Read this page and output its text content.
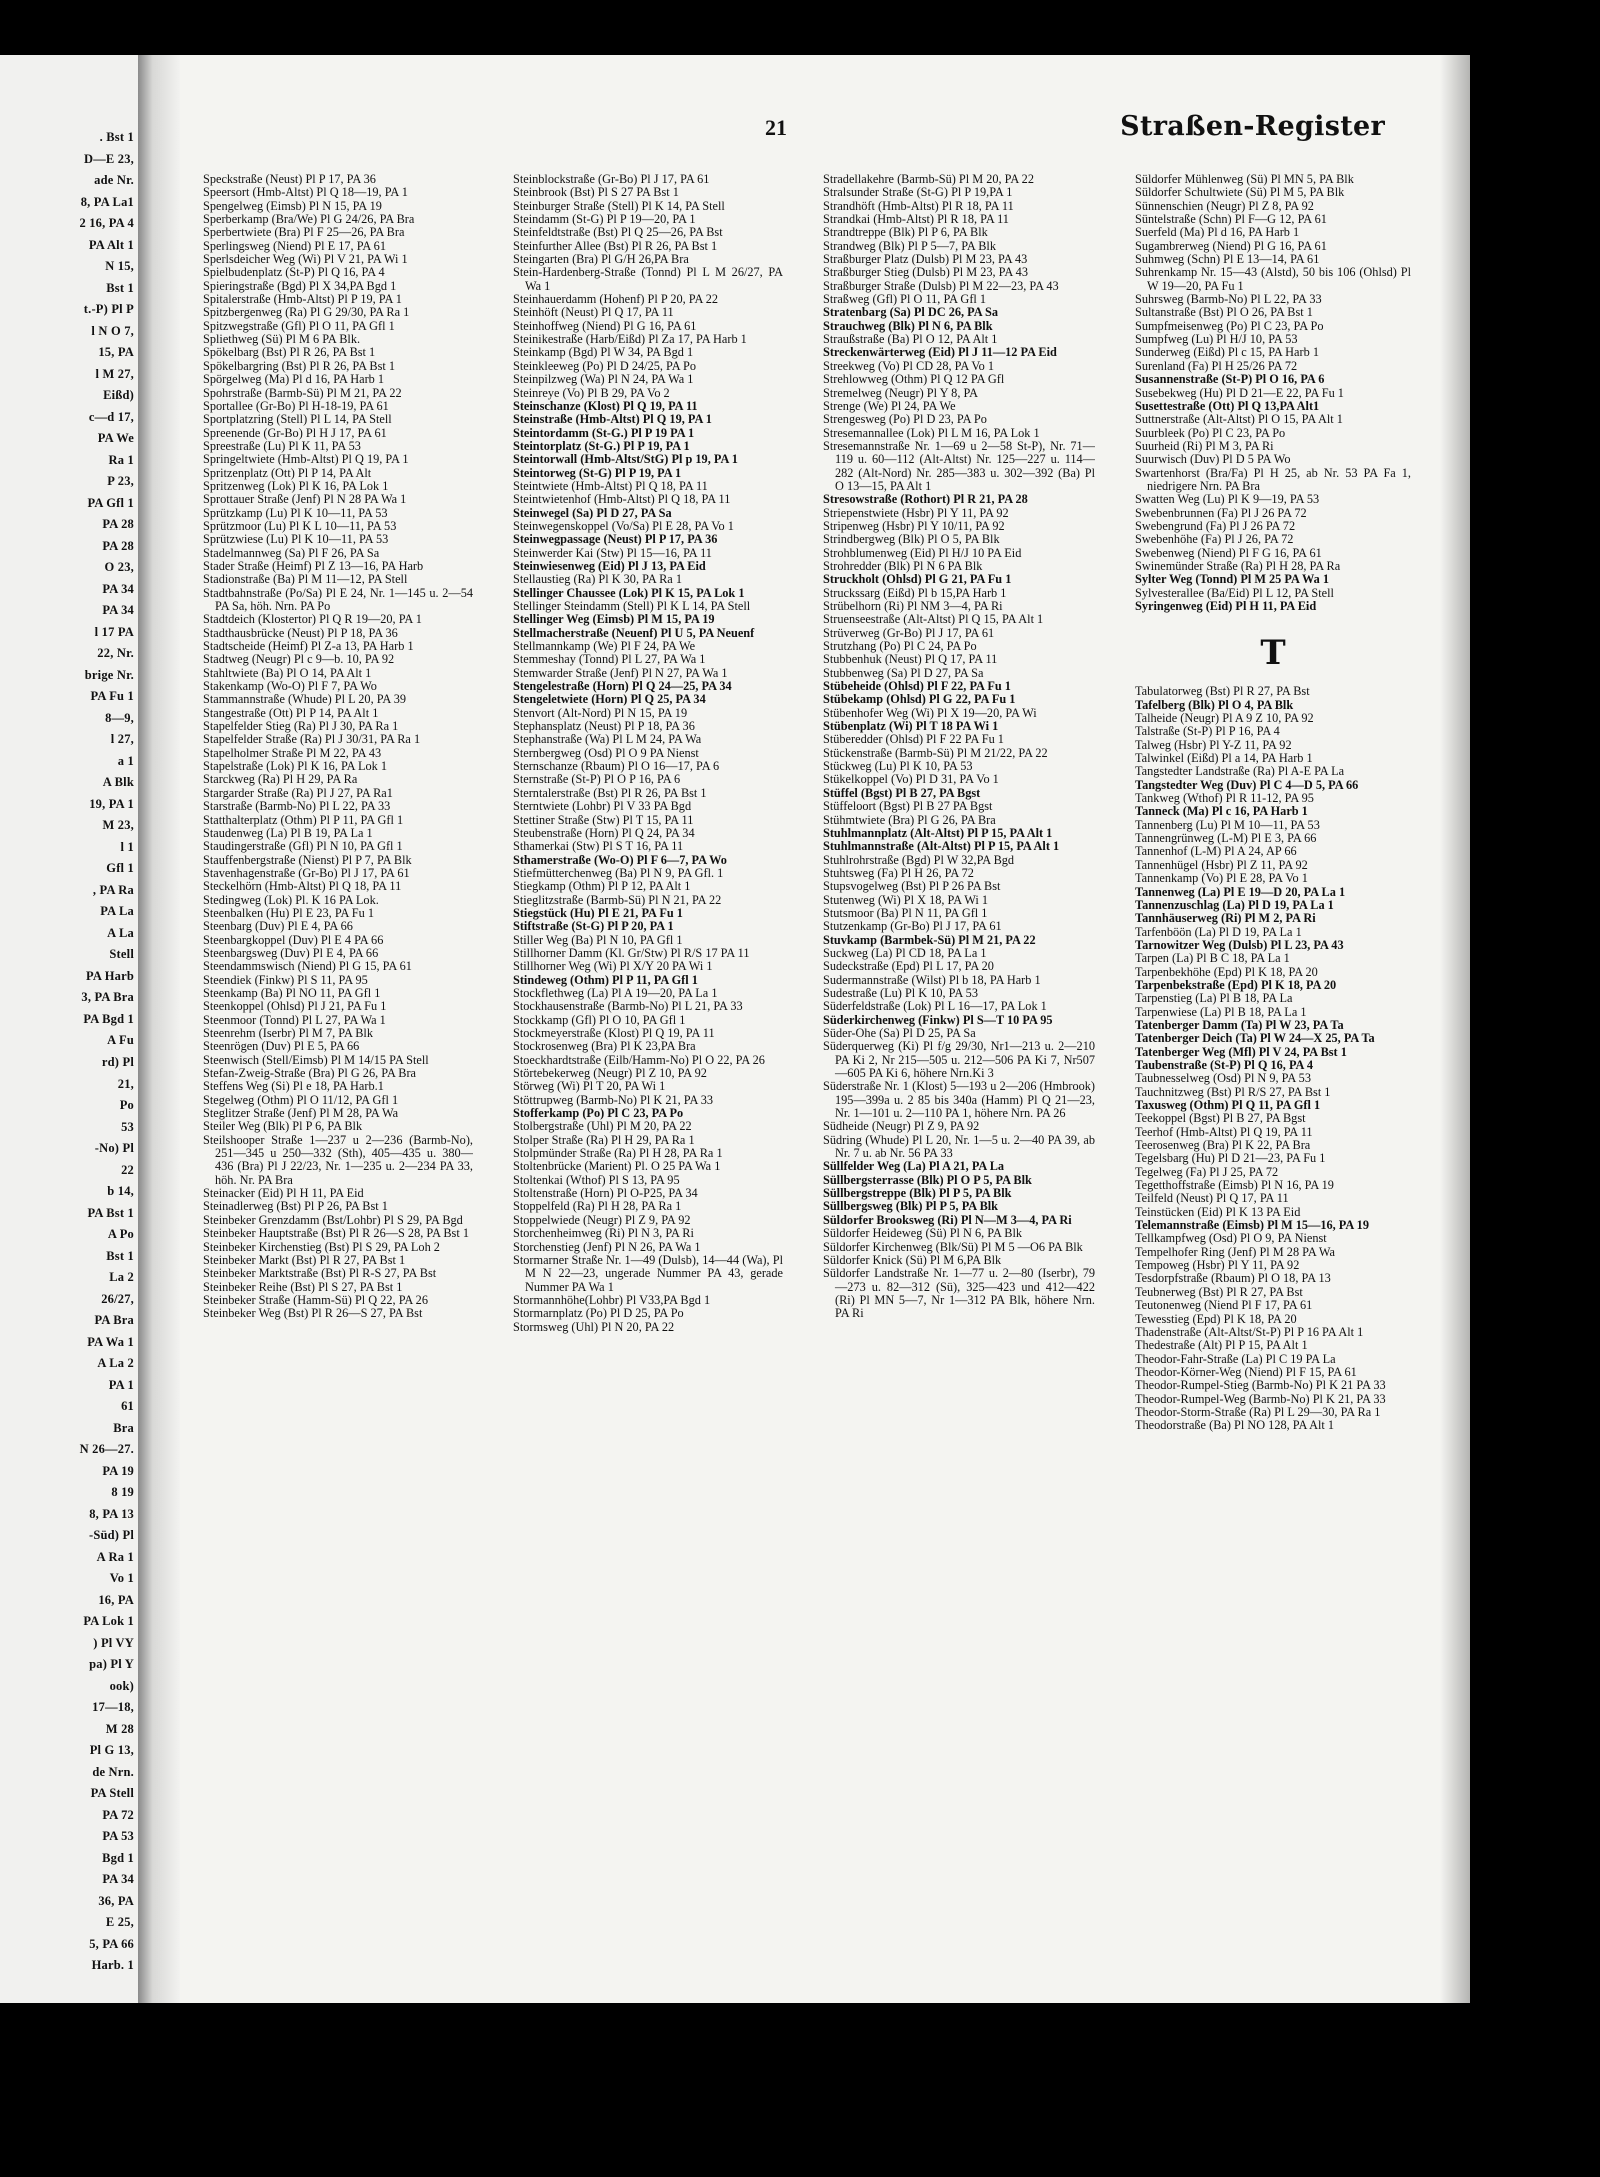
. Bst 1
D—E 23,
ade Nr.
8, PA La1
2 16, PA 4
PA Alt 1
N 15,
Bst 1
t.-P) Pl P
l N O 7,
15, PA
l M 27,
Eißd)
c—d 17,
PA We
Ra 1
P 23,
PA Gfl 1
PA 28
PA 28
O 23,
PA 34
PA 34
l 17 PA
22, Nr.
brige Nr.
PA Fu 1
8—9,
l 27,
a 1
A Blk
19, PA 1
M 23,
l 1
Gfl 1
, PA Ra
PA La
A La
Stell
PA Harb
3, PA Bra
PA Bgd 1
A Fu
rd) Pl
21,
Po
53
-No) Pl
22
b 14,
PA Bst 1
A Po
Bst 1
La 2
26/27,
PA Bra
PA Wa 1
A La 2
PA 1
61
Bra
N 26—27.
PA 19
8 19
8, PA 13
-Süd) Pl
A Ra 1
Vo 1
16, PA
PA Lok 1
) Pl VY
pa) Pl Y
ook)
17—18,
M 28
Pl G 13,
de Nrn.
PA Stell
PA 72
PA 53
Bgd 1
PA 34
36, PA
E 25,
5, PA 66
Harb. 1
21	Straßen-Register
Speckstraße (Neust) Pl P 17, PA 36
Speersort (Hmb-Altst) Pl Q 18—19, PA 1
Spengelweg (Eimsb) Pl N 15, PA 19
Sperberkamp (Bra/We) Pl G 24/26, PA Bra
Sperbertwiete (Bra) Pl F 25—26, PA Bra
Sperlingsweg (Niend) Pl E 17, PA 61
Sperlsdeicher Weg (Wi) Pl V 21, PA Wi 1
Spielbudenplatz (St-P) Pl Q 16, PA 4
Spieringstraße (Bgd) Pl X 34,PA Bgd 1
Spitalerstraße (Hmb-Altst) Pl P 19, PA 1
Spitzbergenweg (Ra) Pl G 29/30, PA Ra 1
Spitzwegstraße (Gfl) Pl O 11, PA Gfl 1
Spliethweg (Sü) Pl M 6 PA Blk.
Spökelbarg (Bst) Pl R 26, PA Bst 1
Spökelbargring (Bst) Pl R 26, PA Bst 1
Spörgelweg (Ma) Pl d 16, PA Harb 1
Spohrstraße (Barmb-Sü) Pl M 21, PA 22
Sportallee (Gr-Bo) Pl H-18-19, PA 61
Sportplatzring (Stell) Pl L 14, PA Stell
Spreenende (Gr-Bo) Pl H J 17, PA 61
Spreestraße (Lu) Pl K 11, PA 53
Springeltwiete (Hmb-Altst) Pl Q 19, PA 1
Spritzenplatz (Ott) Pl P 14, PA Alt
Spritzenweg (Lok) Pl K 16, PA Lok 1
Sprottauer Straße (Jenf) Pl N 28 PA Wa 1
Sprützkamp (Lu) Pl K 10—11, PA 53
Sprützmoor (Lu) Pl K L 10—11, PA 53
Sprützwiese (Lu) Pl K 10—11, PA 53
Stadelmannweg (Sa) Pl F 26, PA Sa
Stader Straße (Heimf) Pl Z 13—16, PA Harb
Stadionstraße (Ba) Pl M 11—12, PA Stell
Stadtbahnstraße (Po/Sa) Pl E 24, Nr. 1—145 u. 2—54 PA Sa, höh. Nrn. PA Po
Stadtdeich (Klostertor) Pl Q R 19—20, PA 1
Stadthausbrücke (Neust) Pl P 18, PA 36
Stadtscheide (Heimf) Pl Z-a 13, PA Harb 1
Stadtweg (Neugr) Pl c 9—b. 10, PA 92
Stahltwiete (Ba) Pl O 14, PA Alt 1
Stakenkamp (Wo-O) Pl F 7, PA Wo
Stammannstraße (Whude) Pl L 20, PA 39
Stangestraße (Ott) Pl P 14, PA Alt 1
Stapelfelder Stieg (Ra) Pl J 30, PA Ra 1
Stapelfelder Straße (Ra) Pl J 30/31, PA Ra 1
Stapelholmer Straße Pl M 22, PA 43
Stapelstraße (Lok) Pl K 16, PA Lok 1
Starckweg (Ra) Pl H 29, PA Ra
Stargarder Straße (Ra) Pl J 27, PA Ra1
Starstraße (Barmb-No) Pl L 22, PA 33
Statthalterplatz (Othm) Pl P 11, PA Gfl 1
Staudenweg (La) Pl B 19, PA La 1
Staudingerstraße (Gfl) Pl N 10, PA Gfl 1
Stauffenbergstraße (Nienst) Pl P 7, PA Blk
Stavenhagenstraße (Gr-Bo) Pl J 17, PA 61
Steckelhörn (Hmb-Altst) Pl Q 18, PA 11
Stedingweg (Lok) Pl. K 16 PA Lok.
Steenbalken (Hu) Pl E 23, PA Fu 1
Steenbarg (Duv) Pl E 4, PA 66
Steenbargkoppel (Duv) Pl E 4 PA 66
Steenbargsweg (Duv) Pl E 4, PA 66
Steendammswisch (Niend) Pl G 15, PA 61
Steendiek (Finkw) Pl S 11, PA 95
Steenkamp (Ba) Pl NO 11, PA Gfl 1
Steenkoppel (Ohlsd) Pl J 21, PA Fu 1
Steenmoor (Tonnd) Pl L 27, PA Wa 1
Steenrehm (Iserbr) Pl M 7, PA Blk
Steenrögen (Duv) Pl E 5, PA 66
Steenwisch (Stell/Eimsb) Pl M 14/15 PA Stell
Stefan-Zweig-Straße (Bra) Pl G 26, PA Bra
Steffens Weg (Si) Pl e 18, PA Harb.1
Stegelweg (Othm) Pl O 11/12, PA Gfl 1
Steglitzer Straße (Jenf) Pl M 28, PA Wa
Steiler Weg (Blk) Pl P 6, PA Blk
Steilshooper Straße 1—237 u 2—236 (Barmb-No), 251—345 u 250—332 (Sth), 405—435 u. 380—436 (Bra) Pl J 22/23, Nr. 1—235 u. 2—234 PA 33, höh. Nr. PA Bra
Steinacker (Eid) Pl H 11, PA Eid
Steinadlerweg (Bst) Pl P 26, PA Bst 1
Steinbeker Grenzdamm (Bst/Lohbr) Pl S 29, PA Bgd
Steinbeker Hauptstraße (Bst) Pl R 26—S 28, PA Bst 1
Steinbeker Kirchenstieg (Bst) Pl S 29, PA Loh 2
Steinbeker Markt (Bst) Pl R 27, PA Bst 1
Steinbeker Marktstraße (Bst) Pl R-S 27, PA Bst
Steinbeker Reihe (Bst) Pl S 27, PA Bst 1
Steinbeker Straße (Hamm-Sü) Pl Q 22, PA 26
Steinbeker Weg (Bst) Pl R 26—S 27, PA Bst
Steinblockstraße (Gr-Bo) Pl J 17, PA 61
Steinbrook (Bst) Pl S 27 PA Bst 1
Steinburger Straße (Stell) Pl K 14, PA Stell
Steindamm (St-G) Pl P 19—20, PA 1
Steinfeldtstraße (Bst) Pl Q 25—26, PA Bst
Steinfurther Allee (Bst) Pl R 26, PA Bst 1
Steingarten (Bra) Pl G/H 26,PA Bra
Stein-Hardenberg-Straße (Tonnd) Pl L M 26/27, PA Wa 1
Steinhauerdamm (Hohenf) Pl P 20, PA 22
Steinhöft (Neust) Pl Q 17, PA 11
Steinhoffweg (Niend) Pl G 16, PA 61
Steinikestraße (Harb/Eißd) Pl Za 17, PA Harb 1
Steinkamp (Bgd) Pl W 34, PA Bgd 1
Steinkleeweg (Po) Pl D 24/25, PA Po
Steinpilzweg (Wa) Pl N 24, PA Wa 1
Steinreye (Vo) Pl B 29, PA Vo 2
Steinschanze (Klost) Pl Q 19, PA 11
Steinstraße (Hmb-Altst) Pl Q 19, PA 1
Steintordamm (St-G.) Pl P 19 PA 1
Steintorplatz (St-G.) Pl P 19, PA 1
Steintorwall (Hmb-Altst/StG) Pl p 19, PA 1
Steintorweg (St-G) Pl P 19, PA 1
Steintwiete (Hmb-Altst) Pl Q 18, PA 11
Steintwietenhof (Hmb-Altst) Pl Q 18, PA 11
Steinwegel (Sa) Pl D 27, PA Sa
Steinwegenskoppel (Vo/Sa) Pl E 28, PA Vo 1
Steinwegpassage (Neust) Pl P 17, PA 36
Steinwerder Kai (Stw) Pl 15—16, PA 11
Steinwiesenweg (Eid) Pl J 13, PA Eid
Stellaustieg (Ra) Pl K 30, PA Ra 1
Stellinger Chaussee (Lok) Pl K 15, PA Lok 1
Stellinger Steindamm (Stell) Pl K L 14, PA Stell
Stellinger Weg (Eimsb) Pl M 15, PA 19
Stellmacherstraße (Neuenf) Pl U 5, PA Neuenf
Stellmannkamp (We) Pl F 24, PA We
Stemmeshay (Tonnd) Pl L 27, PA Wa 1
Stemwarder Straße (Jenf) Pl N 27, PA Wa 1
Stengelestraße (Horn) Pl Q 24—25, PA 34
Stengeletwiete (Horn) Pl Q 25, PA 34
Stenvort (Alt-Nord) Pl N 15, PA 19
Stephansplatz (Neust) Pl P 18, PA 36
Stephanstraße (Wa) Pl L M 24, PA Wa
Sternbergweg (Osd) Pl O 9 PA Nienst
Sternschanze (Rbaum) Pl O 16—17, PA 6
Sternstraße (St-P) Pl O P 16, PA 6
Sterntalerstraße (Bst) Pl R 26, PA Bst 1
Sterntwiete (Lohbr) Pl V 33 PA Bgd
Stettiner Straße (Stw) Pl T 15, PA 11
Steubenstraße (Horn) Pl Q 24, PA 34
Sthamerkai (Stw) Pl S T 16, PA 11
Sthamerstraße (Wo-O) Pl F 6—7, PA Wo
Stiefmütterchenweg (Ba) Pl N 9, PA Gfl. 1
Stiegkamp (Othm) Pl P 12, PA Alt 1
Stieglitzstraße (Barmb-Sü) Pl N 21, PA 22
Stiegstück (Hu) Pl E 21, PA Fu 1
Stiftstraße (St-G) Pl P 20, PA 1
Stiller Weg (Ba) Pl N 10, PA Gfl 1
Stillhorner Damm (Kl. Gr/Stw) Pl R/S 17 PA 11
Stillhorner Weg (Wi) Pl X/Y 20 PA Wi 1
Stindeweg (Othm) Pl P 11, PA Gfl 1
Stockflethweg (La) Pl A 19—20, PA La 1
Stockhausenstraße (Barmb-No) Pl L 21, PA 33
Stockkamp (Gfl) Pl O 10, PA Gfl 1
Stockmeyerstraße (Klost) Pl Q 19, PA 11
Stockrosenweg (Bra) Pl K 23,PA Bra
Stoeckhardtstraße (Eilb/Hamm-No) Pl O 22, PA 26
Störtebekerweg (Neugr) Pl Z 10, PA 92
Störweg (Wi) Pl T 20, PA Wi 1
Stöttrupweg (Barmb-No) Pl K 21, PA 33
Stofferkamp (Po) Pl C 23, PA Po
Stolbergstraße (Uhl) Pl M 20, PA 22
Stolper Straße (Ra) Pl H 29, PA Ra 1
Stolpmünder Straße (Ra) Pl H 28, PA Ra 1
Stoltenbrücke (Marient) Pl. O 25 PA Wa 1
Stoltenkai (Wthof) Pl S 13, PA 95
Stoltenstraße (Horn) Pl O-P25, PA 34
Stoppelfeld (Ra) Pl H 28, PA Ra 1
Stoppelwiede (Neugr) Pl Z 9, PA 92
Storchenheimweg (Ri) Pl N 3, PA Ri
Storchenstieg (Jenf) Pl N 26, PA Wa 1
Stormarner Straße Nr. 1—49 (Dulsb), 14—44 (Wa), Pl M N 22—23, ungerade Nummer PA 43, gerade Nummer PA Wa 1
Stormannhöhe(Lohbr) Pl V33,PA Bgd 1
Stormarnplatz (Po) Pl D 25, PA Po
Stormsweg (Uhl) Pl N 20, PA 22
Stradellakehre (Barmb-Sü) Pl M 20, PA 22
Stralsunder Straße (St-G) Pl P 19,PA 1
Strandhöft (Hmb-Altst) Pl R 18, PA 11
Strandkai (Hmb-Altst) Pl R 18, PA 11
Strandtreppe (Blk) Pl P 6, PA Blk
Strandweg (Blk) Pl P 5—7, PA Blk
Straßburger Platz (Dulsb) Pl M 23, PA 43
Straßburger Stieg (Dulsb) Pl M 23, PA 43
Straßburger Straße (Dulsb) Pl M 22—23, PA 43
Straßweg (Gfl) Pl O 11, PA Gfl 1
Stratenbarg (Sa) Pl DC 26, PA Sa
Strauchweg (Blk) Pl N 6, PA Blk
Straußstraße (Ba) Pl O 12, PA Alt 1
Streckenwärterweg (Eid) Pl J 11—12 PA Eid
Streekweg (Vo) Pl CD 28, PA Vo 1
Strehlowweg (Othm) Pl Q 12 PA Gfl
Stremelweg (Neugr) Pl Y 8, PA
Strenge (We) Pl 24, PA We
Strengesweg (Po) Pl D 23, PA Po
Stresemannallee (Lok) Pl L M 16, PA Lok 1
Stresemannstraße Nr. 1—69 u 2—58 St-P), Nr. 71—119 u. 60—112 (Alt-Altst) Nr. 125—227 u. 114—282 (Alt-Nord) Nr. 285—383 u. 302—392 (Ba) Pl O 13—15, PA Alt 1
Stresowstraße (Rothort) Pl R 21, PA 28
Striepenstwiete (Hsbr) Pl Y 11, PA 92
Stripenweg (Hsbr) Pl Y 10/11, PA 92
Strindbergweg (Blk) Pl O 5, PA Blk
Strohblumenweg (Eid) Pl H/J 10 PA Eid
Strohredder (Blk) Pl N 6 PA Blk
Struckholt (Ohlsd) Pl G 21, PA Fu 1
Struckssarg (Eißd) Pl b 15,PA Harb 1
Strübelhorn (Ri) Pl NM 3—4, PA Ri
Struenseestraße (Alt-Altst) Pl Q 15, PA Alt 1
Strüverweg (Gr-Bo) Pl J 17, PA 61
Strutzhang (Po) Pl C 24, PA Po
Stubbenhuk (Neust) Pl Q 17, PA 11
Stubbenweg (Sa) Pl D 27, PA Sa
Stübeheide (Ohlsd) Pl F 22, PA Fu 1
Stübekamp (Ohlsd) Pl G 22, PA Fu 1
Stübenhofer Weg (Wi) Pl X 19—20, PA Wi
Stübenplatz (Wi) Pl T 18 PA Wi 1
Stüberedder (Ohlsd) Pl F 22 PA Fu 1
Stückenstraße (Barmb-Sü) Pl M 21/22, PA 22
Stückweg (Lu) Pl K 10, PA 53
Stükelkoppel (Vo) Pl D 31, PA Vo 1
Stüffel (Bgst) Pl B 27, PA Bgst
Stüffeloort (Bgst) Pl B 27 PA Bgst
Stühmtwiete (Bra) Pl G 26, PA Bra
Stuhlmannplatz (Alt-Altst) Pl P 15, PA Alt 1
Stuhlmannstraße (Alt-Altst) Pl P 15, PA Alt 1
Stuhlrohrstraße (Bgd) Pl W 32,PA Bgd
Stuhtsweg (Fa) Pl H 26, PA 72
Stupsvogelweg (Bst) Pl P 26 PA Bst
Stutenweg (Wi) Pl X 18, PA Wi 1
Stutsmoor (Ba) Pl N 11, PA Gfl 1
Stutzenkamp (Gr-Bo) Pl J 17, PA 61
Stuvkamp (Barmbek-Sü) Pl M 21, PA 22
Suckweg (La) Pl CD 18, PA La 1
Sudeckstraße (Epd) Pl L 17, PA 20
Sudermannstraße (Wilst) Pl b 18, PA Harb 1
Sudestraße (Lu) Pl K 10, PA 53
Süderfeldstraße (Lok) Pl L 16—17, PA Lok 1
Süderkirchenweg (Finkw) Pl S—T 10 PA 95
Süder-Ohe (Sa) Pl D 25, PA Sa
Süderquerweg (Ki) Pl f/g 29/30, Nr1—213 u. 2—210 PA Ki 2, Nr 215—505 u. 212—506 PA Ki 7, Nr507—605 PA Ki 6, höhere Nrn.Ki 3
Süderstraße Nr. 1 (Klost) 5—193 u 2—206 (Hmbrook) 195—399a u. 2 85 bis 340a (Hamm) Pl Q 21—23, Nr. 1—101 u. 2—110 PA 1, höhere Nrn. PA 26
Südheide (Neugr) Pl Z 9, PA 92
Südring (Whude) Pl L 20, Nr. 1—5 u. 2—40 PA 39, ab Nr. 7 u. ab Nr. 56 PA 33
Süllfelder Weg (La) Pl A 21, PA La
Süllbergsterrasse (Blk) Pl O P 5, PA Blk
Süllbergstreppe (Blk) Pl P 5, PA Blk
Süllbergsweg (Blk) Pl P 5, PA Blk
Süldorfer Brooksweg (Ri) Pl N—M 3—4, PA Ri
Süldorfer Heideweg (Sü) Pl N 6, PA Blk
Süldorfer Kirchenweg (Blk/Sü) Pl M 5 —O6 PA Blk
Süldorfer Knick (Sü) Pl M 6,PA Blk
Süldorfer Landstraße Nr. 1—77 u. 2—80 (Iserbr), 79—273 u. 82—312 (Sü), 325—423 und 412—422 (Ri) Pl MN 5—7, Nr 1—312 PA Blk, höhere Nrn. PA Ri
Süldorfer Mühlenweg (Sü) Pl MN 5, PA Blk
Süldorfer Schultwiete (Sü) Pl M 5, PA Blk
Sünnenschien (Neugr) Pl Z 8, PA 92
Süntelstraße (Schn) Pl F—G 12, PA 61
Suerfeld (Ma) Pl d 16, PA Harb 1
Sugambrerweg (Niend) Pl G 16, PA 61
Suhmweg (Schn) Pl E 13—14, PA 61
Suhrenkamp Nr. 15—43 (Alstd), 50 bis 106 (Ohlsd) Pl W 19—20, PA Fu 1
Suhrsweg (Barmb-No) Pl L 22, PA 33
Sultanstraße (Bst) Pl O 26, PA Bst 1
Sumpfmeisenweg (Po) Pl C 23, PA Po
Sumpfweg (Lu) Pl H/J 10, PA 53
Sunderweg (Eißd) Pl c 15, PA Harb 1
Surenland (Fa) Pl H 25/26 PA 72
Susannenstraße (St-P) Pl O 16, PA 6
Susebekweg (Hu) Pl D 21—E 22, PA Fu 1
Susettestraße (Ott) Pl Q 13,PA Alt1
Suttnerstraße (Alt-Altst) Pl O 15, PA Alt 1
Suurbleek (Po) Pl C 23, PA Po
Suurheid (Ri) Pl M 3, PA Ri
Suurwisch (Duv) Pl D 5 PA Wo
Swartenhorst (Bra/Fa) Pl H 25, ab Nr. 53 PA Fa 1, niedrigere Nrn. PA Bra
Swatten Weg (Lu) Pl K 9—19, PA 53
Swebenbrunnen (Fa) Pl J 26 PA 72
Swebengrund (Fa) Pl J 26 PA 72
Swebenhöhe (Fa) Pl J 26, PA 72
Swebenweg (Niend) Pl F G 16, PA 61
Swinemünder Straße (Ra) Pl H 28, PA Ra
Sylter Weg (Tonnd) Pl M 25 PA Wa 1
Sylvesterallee (Ba/Eid) Pl L 12, PA Stell
Syringenweg (Eid) Pl H 11, PA Eid
T
Tabulatorweg (Bst) Pl R 27, PA Bst
Tafelberg (Blk) Pl O 4, PA Blk
Talheide (Neugr) Pl A 9 Z 10, PA 92
Talstraße (St-P) Pl P 16, PA 4
Talweg (Hsbr) Pl Y-Z 11, PA 92
Talwinkel (Eißd) Pl a 14, PA Harb 1
Tangstedter Landstraße (Ra) Pl A-E PA La
Tangstedter Weg (Duv) Pl C 4—D 5, PA 66
Tankweg (Wthof) Pl R 11-12, PA 95
Tanneck (Ma) Pl c 16, PA Harb 1
Tannenberg (Lu) Pl M 10—11, PA 53
Tannengrünweg (L-M) Pl E 3, PA 66
Tannenhof (L-M) Pl A 24, AP 66
Tannenhügel (Hsbr) Pl Z 11, PA 92
Tannenkamp (Vo) Pl E 28, PA Vo 1
Tannenweg (La) Pl E 19—D 20, PA La 1
Tannenzuschlag (La) Pl D 19, PA La 1
Tannhäuserweg (Ri) Pl M 2, PA Ri
Tarfenböön (La) Pl D 19, PA La 1
Tarnowitzer Weg (Dulsb) Pl L 23, PA 43
Tarpen (La) Pl B C 18, PA La 1
Tarpenbekhöhe (Epd) Pl K 18, PA 20
Tarpenbekstraße (Epd) Pl K 18, PA 20
Tarpenstieg (La) Pl B 18, PA La
Tarpenwiese (La) Pl B 18, PA La 1
Tatenberger Damm (Ta) Pl W 23, PA Ta
Tatenberger Deich (Ta) Pl W 24—X 25, PA Ta
Tatenberger Weg (Mfl) Pl V 24, PA Bst 1
Taubenstraße (St-P) Pl Q 16, PA 4
Taubnesselweg (Osd) Pl N 9, PA 53
Tauchnitzweg (Bst) Pl R/S 27, PA Bst 1
Taxusweg (Othm) Pl Q 11, PA Gfl 1
Teekoppel (Bgst) Pl B 27, PA Bgst
Teerhof (Hmb-Altst) Pl Q 19, PA 11
Teerosenweg (Bra) Pl K 22, PA Bra
Tegelsbarg (Hu) Pl D 21—23, PA Fu 1
Tegelweg (Fa) Pl J 25, PA 72
Tegetthoffstraße (Eimsb) Pl N 16, PA 19
Teilfeld (Neust) Pl Q 17, PA 11
Teinstücken (Eid) Pl K 13 PA Eid
Telemannstraße (Eimsb) Pl M 15—16, PA 19
Tellkampfweg (Osd) Pl O 9, PA Nienst
Tempelhofer Ring (Jenf) Pl M 28 PA Wa
Tempoweg (Hsbr) Pl Y 11, PA 92
Tesdorpfstraße (Rbaum) Pl O 18, PA 13
Teubnerweg (Bst) Pl R 27, PA Bst
Teutonenweg (Niend Pl F 17, PA 61
Tewesstieg (Epd) Pl K 18, PA 20
Thadenstraße (Alt-Altst/St-P) Pl P 16 PA Alt 1
Thedestraße (Alt) Pl P 15, PA Alt 1
Theodor-Fahr-Straße (La) Pl C 19 PA La
Theodor-Körner-Weg (Niend) Pl F 15, PA 61
Theodor-Rumpel-Stieg (Barmb-No) Pl K 21 PA 33
Theodor-Rumpel-Weg (Barmb-No) Pl K 21, PA 33
Theodor-Storm-Straße (Ra) Pl L 29—30, PA Ra 1
Theodorstraße (Ba) Pl NO 128, PA Alt 1
